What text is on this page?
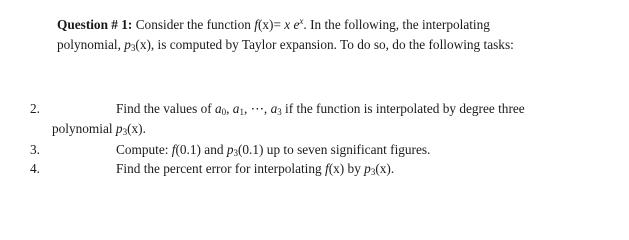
Question # 1: Consider the function f(x)= x $e^x$. In the following, the interpolating
polynomial, $p_3(x)$, is computed by Taylor expansion. To do so, do the following tasks:
2.	Find the values of $a_0$, $a_1$, ⋯, $a_3$ if the function is interpolated by degree three
polynomial $p_3(x)$.
3.	Compute: f(0.1) and $p_3(0.1)$ up to seven significant figures.
4.	Find the percent error for interpolating f(x) by $p_3(x)$.
